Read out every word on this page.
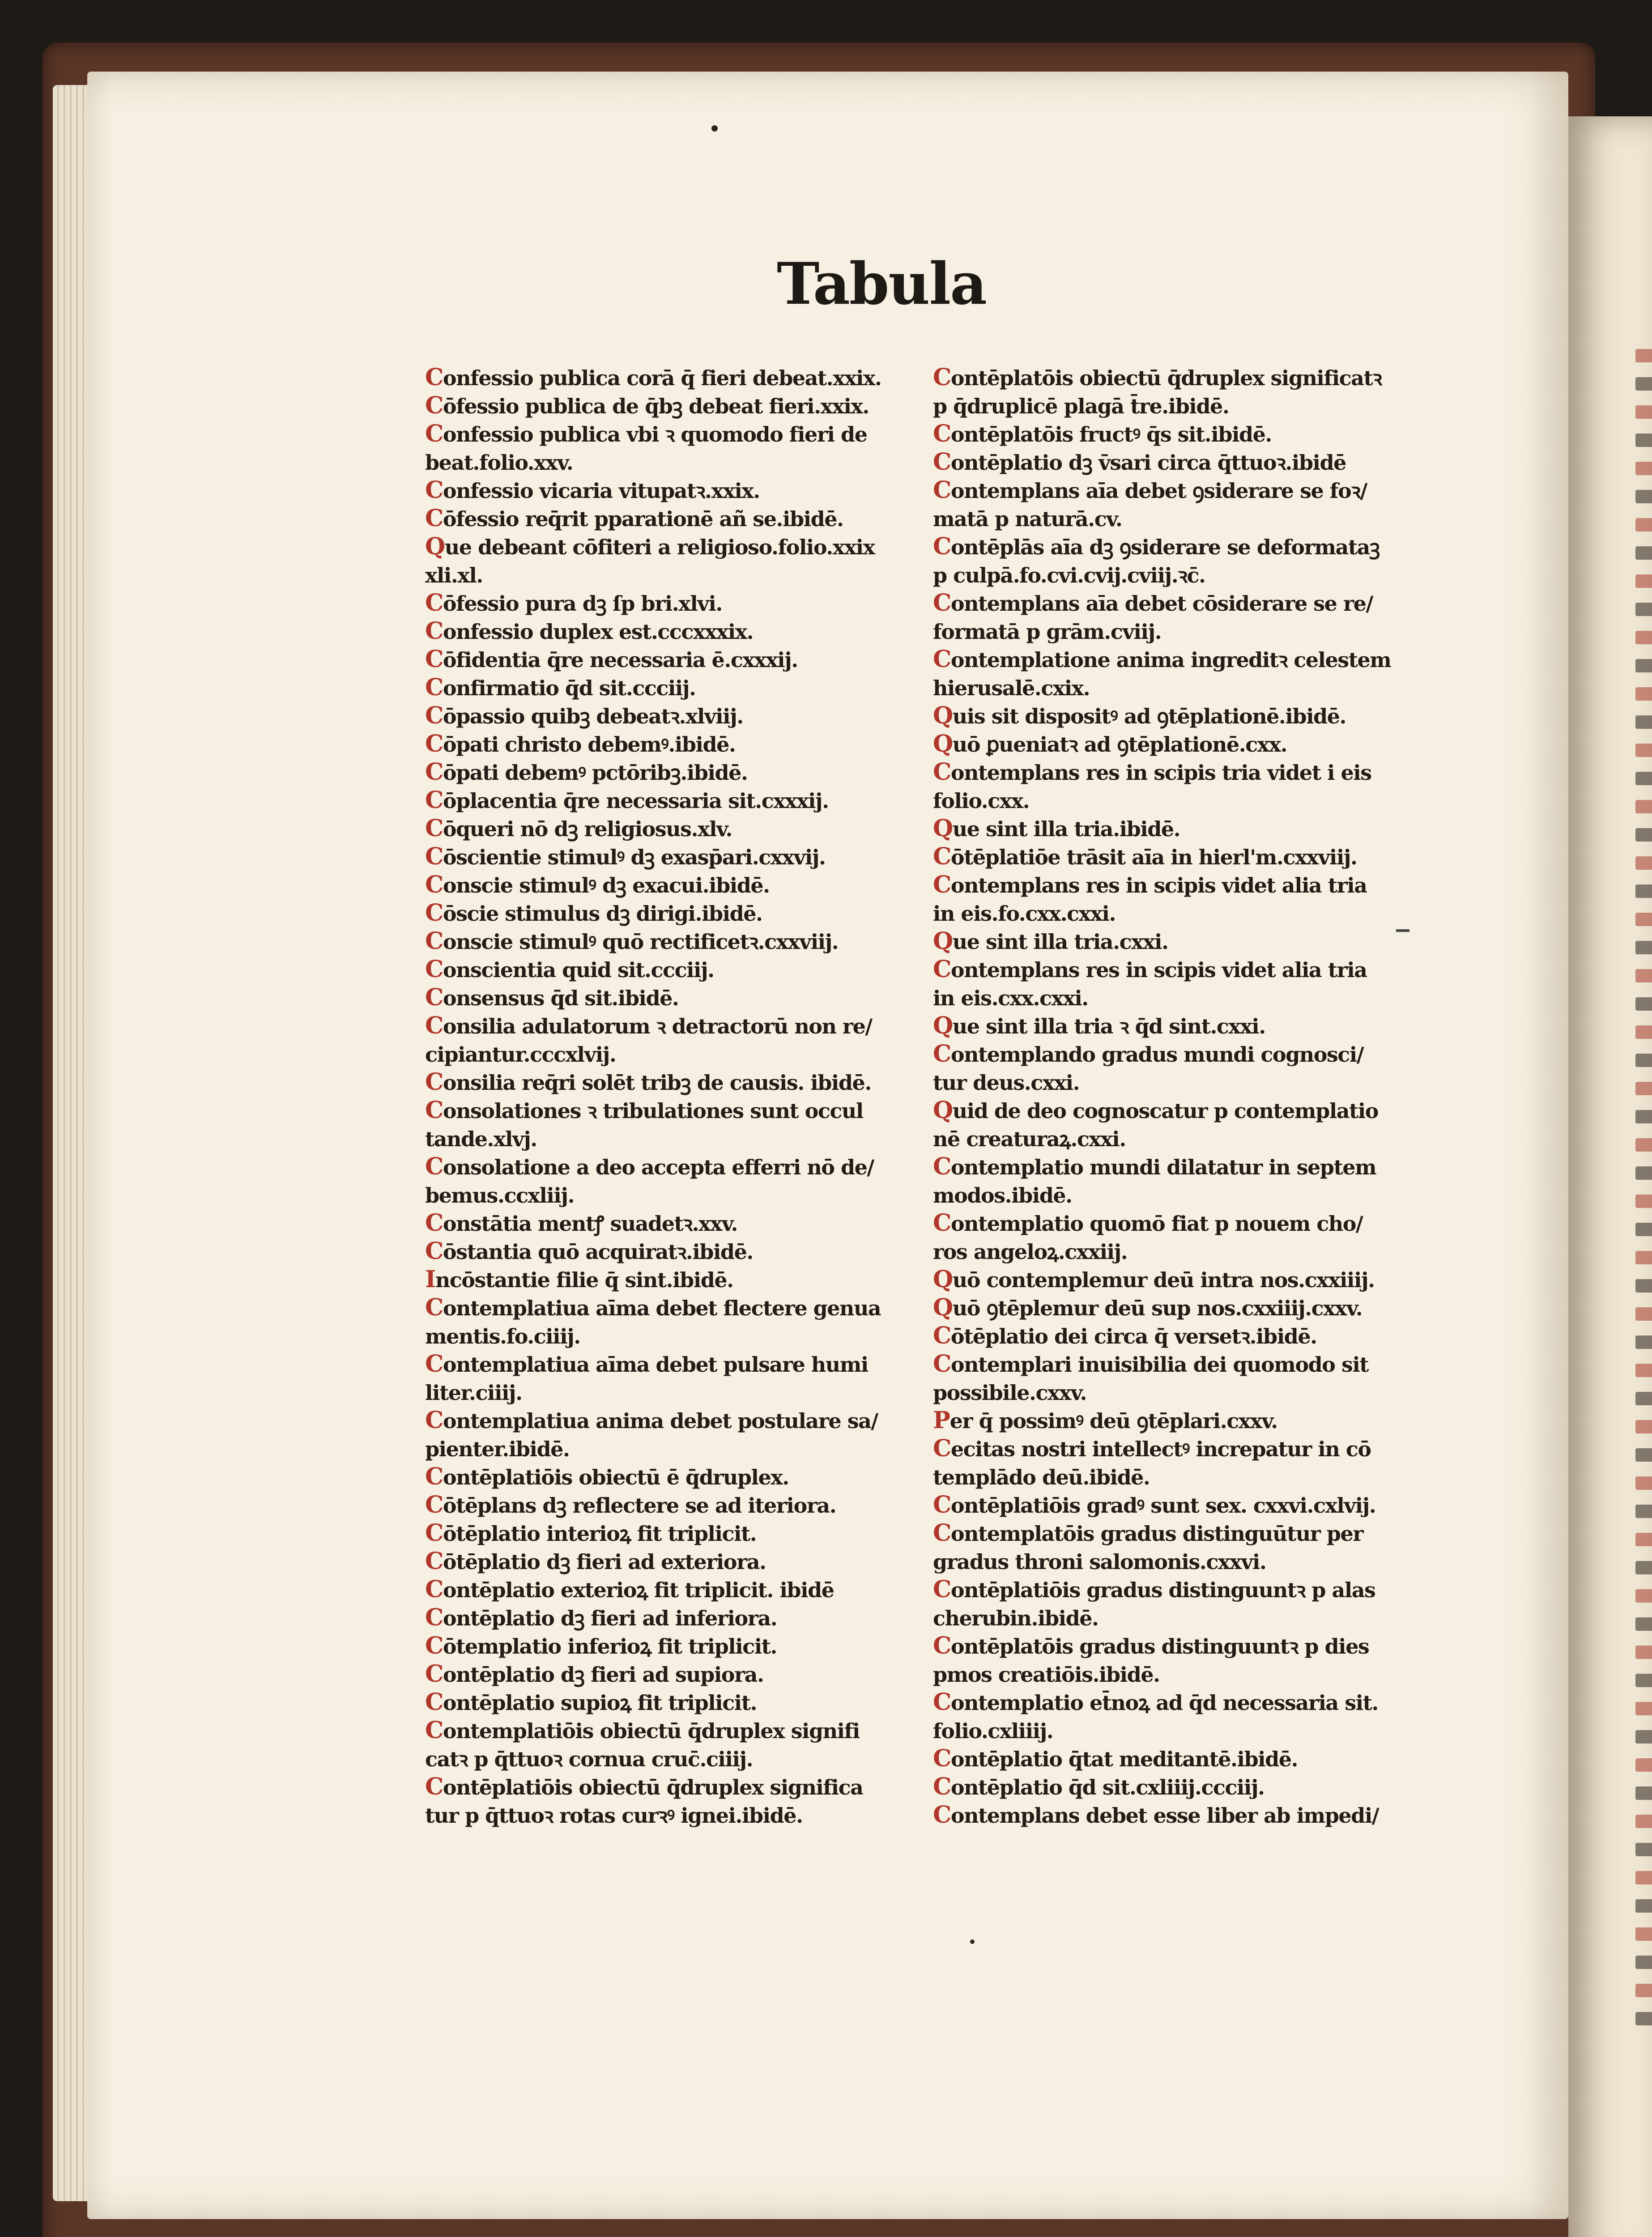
Tabula
Confessio publica corā q̄ fieri debeat.xxix.
Cōfessio publica de q̄bꝫ debeat fieri.xxix.
Confessio publica vbi ꝛ quomodo fieri de
beat.folio.xxv.
Confessio vicaria vitupatꝛ.xxix.
Cōfessio req̄rit pparationē añ se.ibidē.
Que debeant cōfiteri a religioso.folio.xxix
xli.xl.
Cōfessio pura dꝫ ſp bri.xlvi.
Confessio duplex est.cccxxxix.
Cōfidentia q̄re necessaria ē.cxxxij.
Confirmatio q̄d sit.ccciij.
Cōpassio quibꝫ debeatꝛ.xlviij.
Cōpati christo debemꝰ.ibidē.
Cōpati debemꝰ pctōribꝫ.ibidē.
Cōplacentia q̄re necessaria sit.cxxxij.
Cōqueri nō dꝫ religiosus.xlv.
Cōscientie stimulꝰ dꝫ exasp̄ari.cxxvij.
Conscie stimulꝰ dꝫ exacui.ibidē.
Cōscie stimulus dꝫ dirigi.ibidē.
Conscie stimulꝰ quō rectificetꝛ.cxxviij.
Conscientia quid sit.ccciij.
Consensus q̄d sit.ibidē.
Consilia adulatorum ꝛ detractorū non re/
cipiantur.cccxlvij.
Consilia req̄ri solēt tribꝫ de causis. ibidē.
Consolationes ꝛ tribulationes sunt occul
tande.xlvj.
Consolatione a deo accepta efferri nō de/
bemus.ccxliij.
Constātia mentꝭ suadetꝛ.xxv.
Cōstantia quō acquiratꝛ.ibidē.
Incōstantie filie q̄ sint.ibidē.
Contemplatiua aīma debet flectere genua
mentis.fo.ciiij.
Contemplatiua aīma debet pulsare humi
liter.ciiij.
Contemplatiua anima debet postulare sa/
pienter.ibidē.
Contēplatiōis obiectū ē q̄druplex.
Cōtēplans dꝫ reflectere se ad iteriora.
Cōtēplatio interioꝝ fit triplicit.
Cōtēplatio dꝫ fieri ad exteriora.
Contēplatio exterioꝝ fit triplicit. ibidē
Contēplatio dꝫ fieri ad inferiora.
Cōtemplatio inferioꝝ fit triplicit.
Contēplatio dꝫ fieri ad supiora.
Contēplatio supioꝝ fit triplicit.
Contemplatiōis obiectū q̄druplex signifi
catꝛ p q̄ttuoꝛ cornua cruc̄.ciiij.
Contēplatiōis obiectū q̄druplex significa
tur p q̄ttuoꝛ rotas curꝛꝰ ignei.ibidē.
Contēplatōis obiectū q̄druplex significatꝛ
p q̄druplicē plagā t̄re.ibidē.
Contēplatōis fructꝰ q̄s sit.ibidē.
Contēplatio dꝫ v̄sari circa q̄ttuoꝛ.ibidē
Contemplans aīa debet ꝯsiderare se foꝛ/
matā p naturā.cv.
Contēplās aīa dꝫ ꝯsiderare se deformataꝫ
p culpā.fo.cvi.cvij.cviij.ꝛc̄.
Contemplans aīa debet cōsiderare se re/
formatā p grām.cviij.
Contemplatione anima ingreditꝛ celestem
hierusalē.cxix.
Quis sit dispositꝰ ad ꝯtēplationē.ibidē.
Quō ꝑueniatꝛ ad ꝯtēplationē.cxx.
Contemplans res in scipis tria videt i eis
folio.cxx.
Que sint illa tria.ibidē.
Cōtēplatiōe trāsit aīa in hierl'm.cxxviij.
Contemplans res in scipis videt alia tria
in eis.fo.cxx.cxxi.
Que sint illa tria.cxxi.
Contemplans res in scipis videt alia tria
in eis.cxx.cxxi.
Que sint illa tria ꝛ q̄d sint.cxxi.
Contemplando gradus mundi cognosci/
tur deus.cxxi.
Quid de deo cognoscatur p contemplatio
nē creaturaꝝ.cxxi.
Contemplatio mundi dilatatur in septem
modos.ibidē.
Contemplatio quomō fiat p nouem cho/
ros angeloꝝ.cxxiij.
Quō contemplemur deū intra nos.cxxiiij.
Quō ꝯtēplemur deū sup nos.cxxiiij.cxxv.
Cōtēplatio dei circa q̄ versetꝛ.ibidē.
Contemplari inuisibilia dei quomodo sit
possibile.cxxv.
Per q̄ possimꝰ deū ꝯtēplari.cxxv.
Cecitas nostri intellectꝰ increpatur in cō
templādo deū.ibidē.
Contēplatiōis gradꝰ sunt sex. cxxvi.cxlvij.
Contemplatōis gradus distinguūtur per
gradus throni salomonis.cxxvi.
Contēplatiōis gradus distinguuntꝛ p alas
cherubin.ibidē.
Contēplatōis gradus distinguuntꝛ p dies
pmos creatiōis.ibidē.
Contemplatio et̄noꝝ ad q̄d necessaria sit.
folio.cxliiij.
Contēplatio q̄tat meditantē.ibidē.
Contēplatio q̄d sit.cxliiij.ccciij.
Contemplans debet esse liber ab impedi/
